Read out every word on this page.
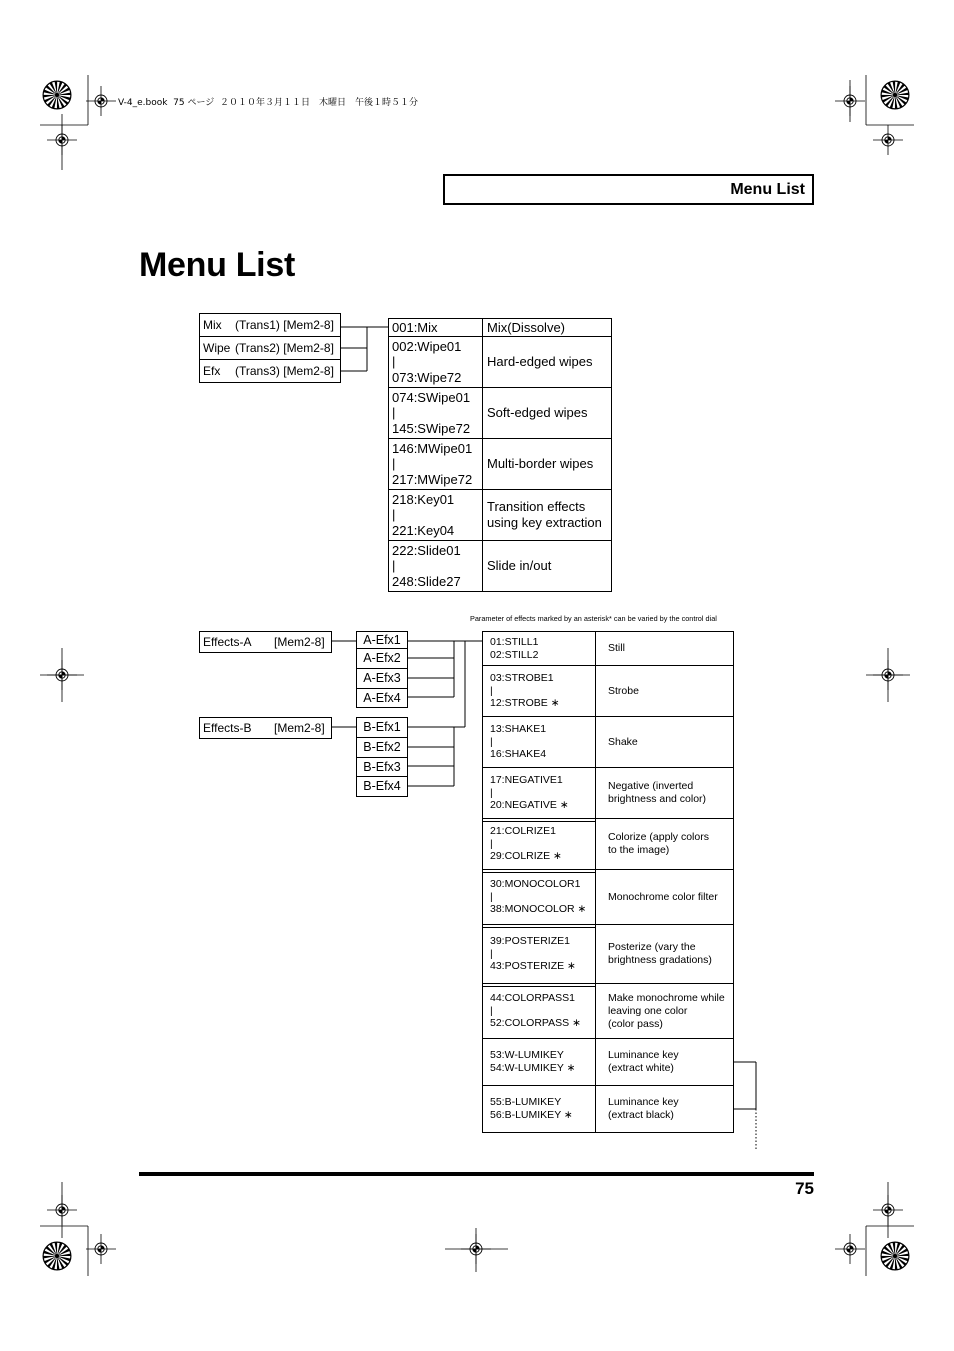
V-4_e.book  75 ページ  ２０１０年３月１１日　木曜日　午後１時５１分
Menu List
Menu List
Mix (Trans1) [Mem2-8]
Wipe (Trans2) [Mem2-8]
Efx (Trans3) [Mem2-8]
001:Mix	Mix(Dissolve)
002:Wipe01
|
073:Wipe72
Hard-edged wipes
074:SWipe01
|
145:SWipe72
Soft-edged wipes
146:MWipe01
|
217:MWipe72
Multi-border wipes
218:Key01
|
221:Key04
Transition effects
using key extraction
222:Slide01
|
248:Slide27
Slide in/out
Parameter of effects marked by an asterisk* can be varied by the control dial
Effects-A [Mem2-8]
Effects-B [Mem2-8]
A-Efx1
A-Efx2
A-Efx3
A-Efx4
B-Efx1
B-Efx2
B-Efx3
B-Efx4
01:STILL1
02:STILL2
Still
03:STROBE1
|
12:STROBE ∗
Strobe
13:SHAKE1
|
16:SHAKE4
Shake
17:NEGATIVE1
|
20:NEGATIVE ∗
Negative (inverted
brightness and color)
21:COLRIZE1
|
29:COLRIZE ∗
Colorize (apply colors
to the image)
30:MONOCOLOR1
|
38:MONOCOLOR ∗
Monochrome color filter
39:POSTERIZE1
|
43:POSTERIZE ∗
Posterize (vary the
brightness gradations)
44:COLORPASS1
|
52:COLORPASS ∗
Make monochrome while
leaving one color
(color pass)
53:W-LUMIKEY
54:W-LUMIKEY ∗
Luminance key
(extract white)
55:B-LUMIKEY
56:B-LUMIKEY ∗
Luminance key
(extract black)
75
